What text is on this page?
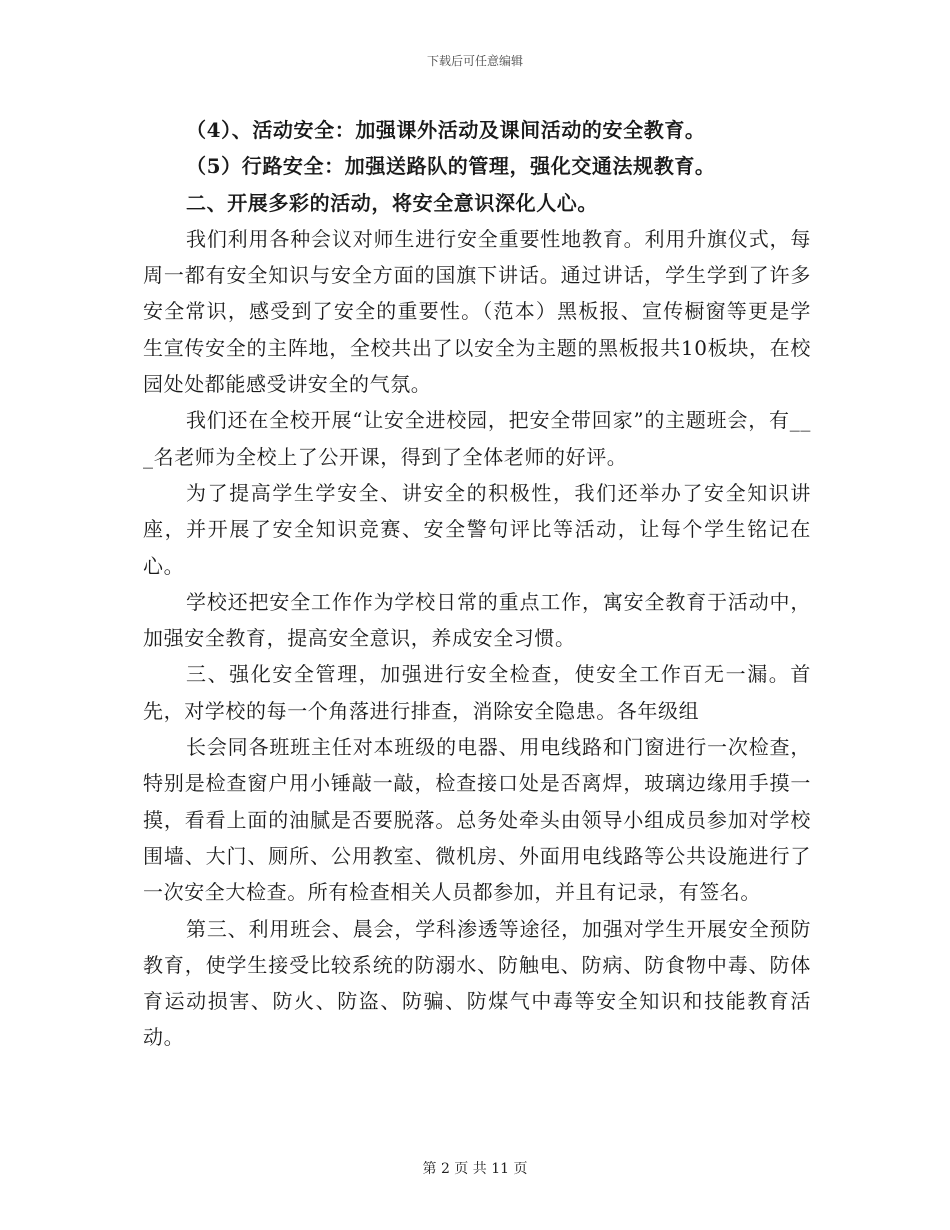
下载后可任意编辑

（4）、活动安全：加强课外活动及课间活动的安全教育。

（5）行路安全：加强送路队的管理，强化交通法规教育。

二、开展多彩的活动，将安全意识深化人心。

我们利用各种会议对师生进行安全重要性地教育。利用升旗仪式，每周一都有安全知识与安全方面的国旗下讲话。通过讲话，学生学到了许多安全常识，感受到了安全的重要性。（范本）黑板报、宣传橱窗等更是学生宣传安全的主阵地，全校共出了以安全为主题的黑板报共10板块，在校园处处都能感受讲安全的气氛。

我们还在全校开展“让安全进校园，把安全带回家”的主题班会，有___名老师为全校上了公开课，得到了全体老师的好评。

为了提高学生学安全、讲安全的积极性，我们还举办了安全知识讲座，并开展了安全知识竞赛、安全警句评比等活动，让每个学生铭记在心。

学校还把安全工作作为学校日常的重点工作，寓安全教育于活动中，加强安全教育，提高安全意识，养成安全习惯。

三、强化安全管理，加强进行安全检查，使安全工作百无一漏。首先，对学校的每一个角落进行排查，消除安全隐患。各年级组

长会同各班班主任对本班级的电器、用电线路和门窗进行一次检查，特别是检查窗户用小锤敲一敲，检查接口处是否离焊，玻璃边缘用手摸一摸，看看上面的油腻是否要脱落。总务处牵头由领导小组成员参加对学校围墙、大门、厕所、公用教室、微机房、外面用电线路等公共设施进行了一次安全大检查。所有检查相关人员都参加，并且有记录，有签名。

第三、利用班会、晨会，学科渗透等途径，加强对学生开展安全预防教育，使学生接受比较系统的防溺水、防触电、防病、防食物中毒、防体育运动损害、防火、防盗、防骗、防煤气中毒等安全知识和技能教育活动。

第 2 页 共 11 页
